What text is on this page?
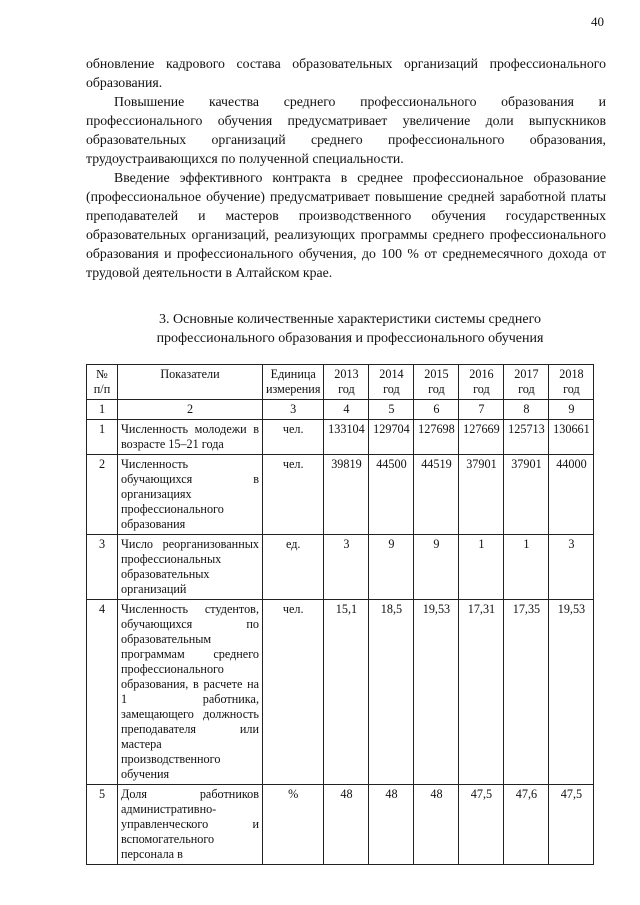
40

обновление кадрового состава образовательных организаций профессионального образования.

Повышение качества среднего профессионального образования и профессионального обучения предусматривает увеличение доли выпускников образовательных организаций среднего профессионального образования, трудоустраивающихся по полученной специальности.

Введение эффективного контракта в среднее профессиональное образование (профессиональное обучение) предусматривает повышение средней заработной платы преподавателей и мастеров производственного обучения государственных образовательных организаций, реализующих программы среднего профессионального образования и профессионального обучения, до 100 % от среднемесячного дохода от трудовой деятельности в Алтайском крае.

3. Основные количественные характеристики системы среднего
профессионального образования и профессионального обучения
№ п/п	Показатели	Единица измерения	2013 год	2014 год	2015 год	2016 год	2017 год	2018 год
1	2	3	4	5	6	7	8	9
1	Численность молодежи в возрасте 15–21 года	чел.	133104	129704	127698	127669	125713	130661
2	Численность обучающихся в организациях профессионального образования	чел.	39819	44500	44519	37901	37901	44000
3	Число реорганизованных профессиональных образовательных организаций	ед.	3	9	9	1	1	3
4	Численность студентов, обучающихся по образовательным программам среднего профессионального образования, в расчете на 1 работника, замещающего должность преподавателя или мастера производственного обучения	чел.	15,1	18,5	19,53	17,31	17,35	19,53
5	Доля работников административно-управленческого и вспомогательного персонала в	%	48	48	48	47,5	47,6	47,5
